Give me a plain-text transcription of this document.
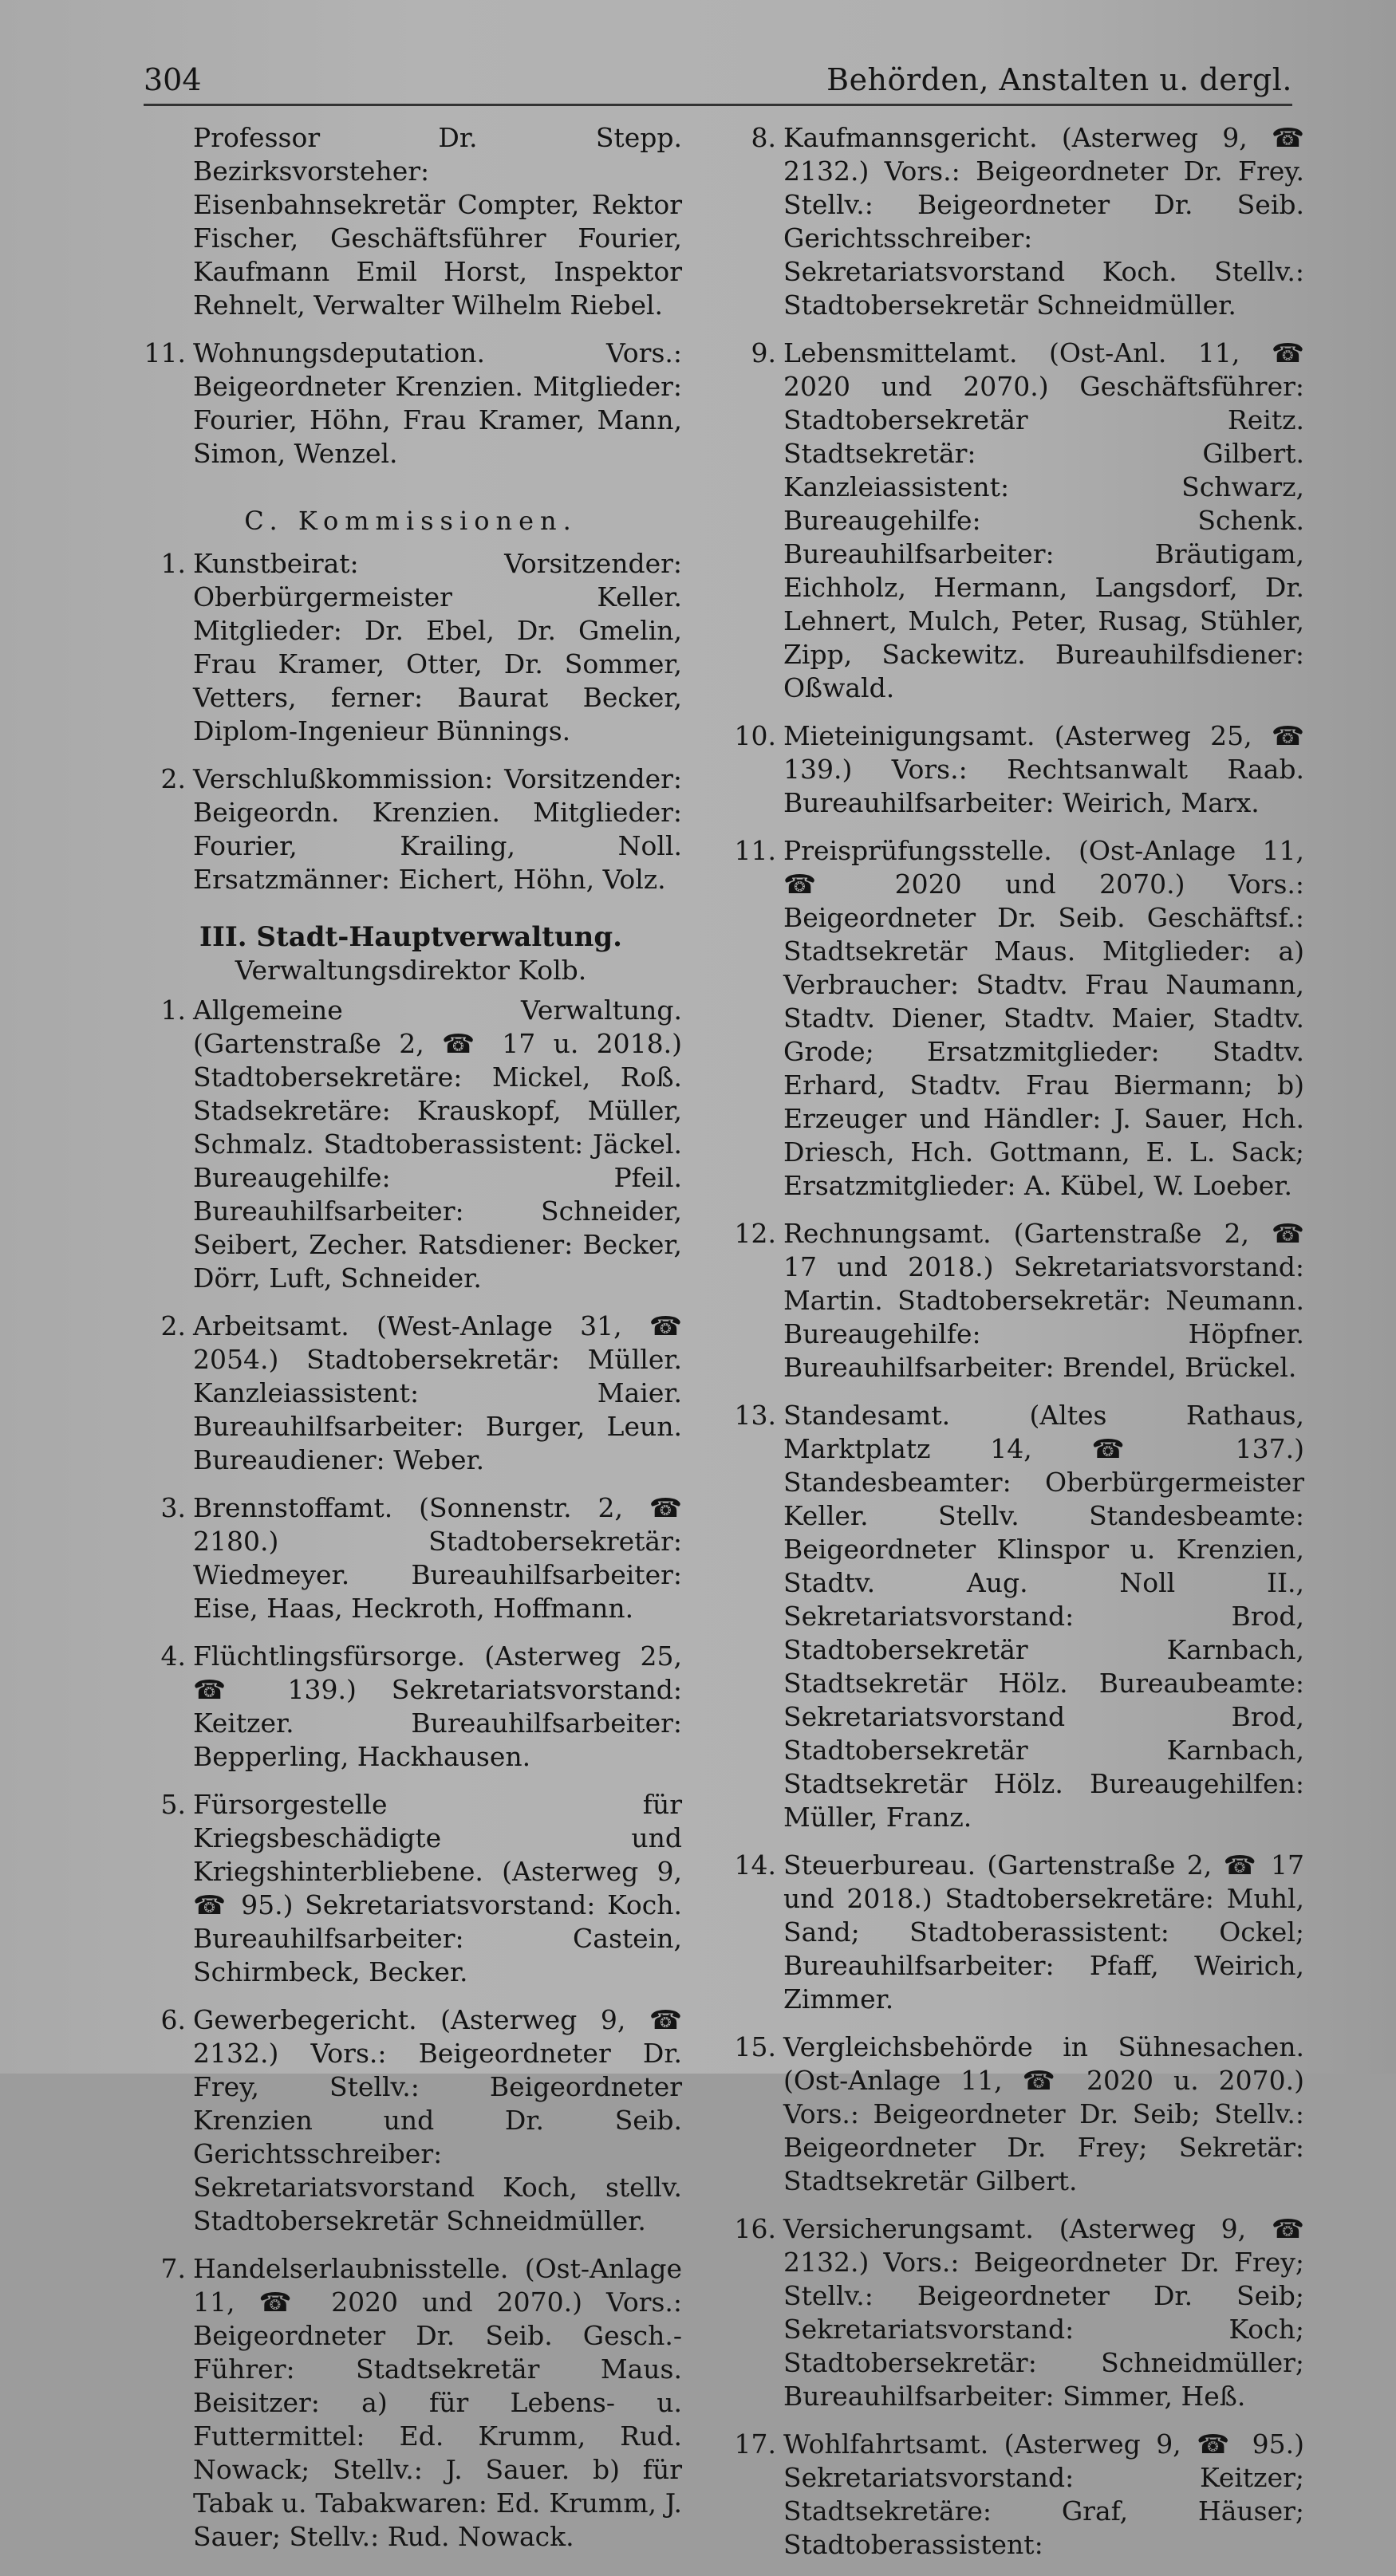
304	Behörden, Anstalten u. dergl.
Professor Dr. Stepp. Bezirksvorsteher: Eisenbahnsekretär Compter, Rektor Fischer, Geschäftsführer Fourier, Kaufmann Emil Horst, Inspektor Rehnelt, Verwalter Wilhelm Riebel.
11. Wohnungsdeputation. Vors.: Beigeordneter Krenzien. Mitglieder: Fourier, Höhn, Frau Kramer, Mann, Simon, Wenzel.
C. Kommissionen.
1. Kunstbeirat: Vorsitzender: Oberbürgermeister Keller. Mitglieder: Dr. Ebel, Dr. Gmelin, Frau Kramer, Otter, Dr. Sommer, Vetters, ferner: Baurat Becker, Diplom-Ingenieur Bünnings.
2. Verschlußkommission: Vorsitzender: Beigeordn. Krenzien. Mitglieder: Fourier, Krailing, Noll. Ersatzmänner: Eichert, Höhn, Volz.
III. Stadt-Hauptverwaltung.
Verwaltungsdirektor Kolb.
1. Allgemeine Verwaltung. (Gartenstraße 2, ☎ 17 u. 2018.) Stadtobersekretäre: Mickel, Roß. Stadsekretäre: Krauskopf, Müller, Schmalz. Stadtoberassistent: Jäckel. Bureaugehilfe: Pfeil. Bureauhilfsarbeiter: Schneider, Seibert, Zecher. Ratsdiener: Becker, Dörr, Luft, Schneider.
2. Arbeitsamt. (West-Anlage 31, ☎ 2054.) Stadtobersekretär: Müller. Kanzleiassistent: Maier. Bureauhilfsarbeiter: Burger, Leun. Bureaudiener: Weber.
3. Brennstoffamt. (Sonnenstr. 2, ☎ 2180.) Stadtobersekretär: Wiedmeyer. Bureauhilfsarbeiter: Eise, Haas, Heckroth, Hoffmann.
4. Flüchtlingsfürsorge. (Asterweg 25, ☎ 139.) Sekretariatsvorstand: Keitzer. Bureauhilfsarbeiter: Bepperling, Hackhausen.
5. Fürsorgestelle für Kriegsbeschädigte und Kriegshinterbliebene. (Asterweg 9, ☎ 95.) Sekretariatsvorstand: Koch. Bureauhilfsarbeiter: Castein, Schirmbeck, Becker.
6. Gewerbegericht. (Asterweg 9, ☎ 2132.) Vors.: Beigeordneter Dr. Frey, Stellv.: Beigeordneter Krenzien und Dr. Seib. Gerichtsschreiber: Sekretariatsvorstand Koch, stellv. Stadtobersekretär Schneidmüller.
7. Handelserlaubnisstelle. (Ost-Anlage 11, ☎ 2020 und 2070.) Vors.: Beigeordneter Dr. Seib. Gesch.-Führer: Stadtsekretär Maus. Beisitzer: a) für Lebens- u. Futtermittel: Ed. Krumm, Rud. Nowack; Stellv.: J. Sauer. b) für Tabak u. Tabakwaren: Ed. Krumm, J. Sauer; Stellv.: Rud. Nowack.
8. Kaufmannsgericht. (Asterweg 9, ☎ 2132.) Vors.: Beigeordneter Dr. Frey. Stellv.: Beigeordneter Dr. Seib. Gerichtsschreiber: Sekretariatsvorstand Koch. Stellv.: Stadtobersekretär Schneidmüller.
9. Lebensmittelamt. (Ost-Anl. 11, ☎ 2020 und 2070.) Geschäftsführer: Stadtobersekretär Reitz. Stadtsekretär: Gilbert. Kanzleiassistent: Schwarz, Bureaugehilfe: Schenk. Bureauhilfsarbeiter: Bräutigam, Eichholz, Hermann, Langsdorf, Dr. Lehnert, Mulch, Peter, Rusag, Stühler, Zipp, Sackewitz. Bureauhilfsdiener: Oßwald.
10. Mieteinigungsamt. (Asterweg 25, ☎ 139.) Vors.: Rechtsanwalt Raab. Bureauhilfsarbeiter: Weirich, Marx.
11. Preisprüfungsstelle. (Ost-Anlage 11, ☎ 2020 und 2070.) Vors.: Beigeordneter Dr. Seib. Geschäftsf.: Stadtsekretär Maus. Mitglieder: a) Verbraucher: Stadtv. Frau Naumann, Stadtv. Diener, Stadtv. Maier, Stadtv. Grode; Ersatzmitglieder: Stadtv. Erhard, Stadtv. Frau Biermann; b) Erzeuger und Händler: J. Sauer, Hch. Driesch, Hch. Gottmann, E. L. Sack; Ersatzmitglieder: A. Kübel, W. Loeber.
12. Rechnungsamt. (Gartenstraße 2, ☎ 17 und 2018.) Sekretariatsvorstand: Martin. Stadtobersekretär: Neumann. Bureaugehilfe: Höpfner. Bureauhilfsarbeiter: Brendel, Brückel.
13. Standesamt. (Altes Rathaus, Marktplatz 14, ☎ 137.) Standesbeamter: Oberbürgermeister Keller. Stellv. Standesbeamte: Beigeordneter Klinspor u. Krenzien, Stadtv. Aug. Noll II., Sekretariatsvorstand: Brod, Stadtobersekretär Karnbach, Stadtsekretär Hölz. Bureaubeamte: Sekretariatsvorstand Brod, Stadtobersekretär Karnbach, Stadtsekretär Hölz. Bureaugehilfen: Müller, Franz.
14. Steuerbureau. (Gartenstraße 2, ☎ 17 und 2018.) Stadtobersekretäre: Muhl, Sand; Stadtoberassistent: Ockel; Bureauhilfsarbeiter: Pfaff, Weirich, Zimmer.
15. Vergleichsbehörde in Sühnesachen. (Ost-Anlage 11, ☎ 2020 u. 2070.) Vors.: Beigeordneter Dr. Seib; Stellv.: Beigeordneter Dr. Frey; Sekretär: Stadtsekretär Gilbert.
16. Versicherungsamt. (Asterweg 9, ☎ 2132.) Vors.: Beigeordneter Dr. Frey; Stellv.: Beigeordneter Dr. Seib; Sekretariatsvorstand: Koch; Stadtobersekretär: Schneidmüller; Bureauhilfsarbeiter: Simmer, Heß.
17. Wohlfahrtsamt. (Asterweg 9, ☎ 95.) Sekretariatsvorstand: Keitzer; Stadtsekretäre: Graf, Häuser; Stadtoberassistent:
